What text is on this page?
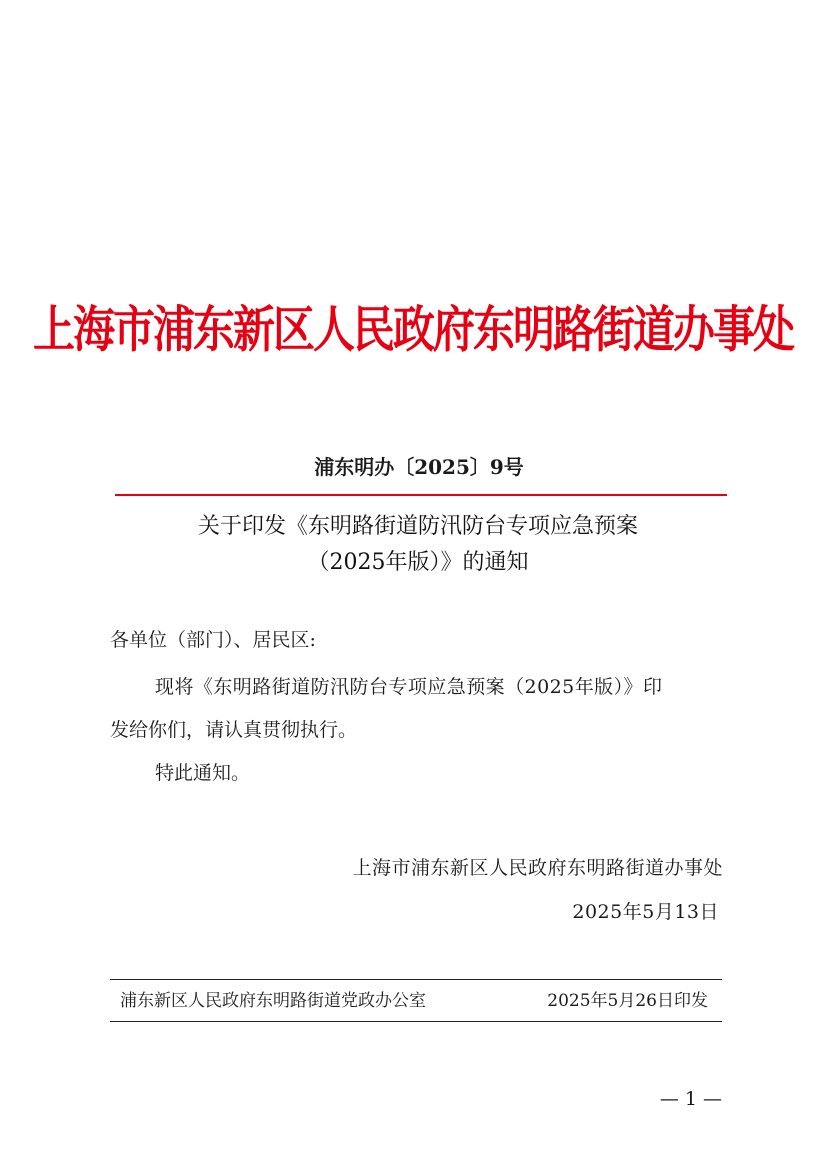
上海市浦东新区人民政府东明路街道办事处
浦东明办〔2025〕9号
关于印发《东明路街道防汛防台专项应急预案
（2025年版）》的通知
各单位（部门）、居民区:
现将《东明路街道防汛防台专项应急预案（2025年版）》印
发给你们，请认真贯彻执行。
特此通知。
上海市浦东新区人民政府东明路街道办事处
2025年5月13日
浦东新区人民政府东明路街道党政办公室	2025年5月26日印发
— 1 —
